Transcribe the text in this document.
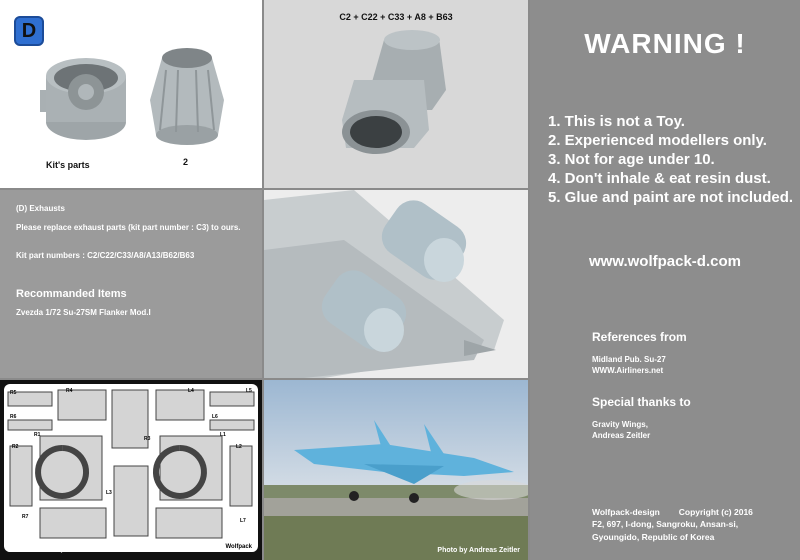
D
Kit's parts	2
C2 + C22 + C33 + A8 + B63
(D) Exhausts
Please replace exhaust parts (kit part number : C3) to ours.
Kit part numbers : C2/C22/C33/A8/A13/B62/B63
Recommanded Items
Zvezda 1/72 Su-27SM Flanker Mod.I
1/72 SU-27SM Gear Bay for Zvezda
R5	R4	L4	L5
R6	L6
R1
R3
L1
R2	L2
L3
R7
L7
Wolfpack	Photo by Andreas Zeitler
WARNING !
1. This is not a Toy.
2. Experienced modellers only.
3. Not for age under 10.
4. Don't inhale & eat resin dust.
5. Glue and paint are not included.
www.wolfpack-d.com
References from
Midland Pub. Su-27
WWW.Airliners.net
Special thanks to
Gravity Wings,
Andreas Zeitler
Wolfpack-design        Copyright (c) 2016
F2, 697, I-dong, Sangroku, Ansan-si,
Gyoungido, Republic of Korea
